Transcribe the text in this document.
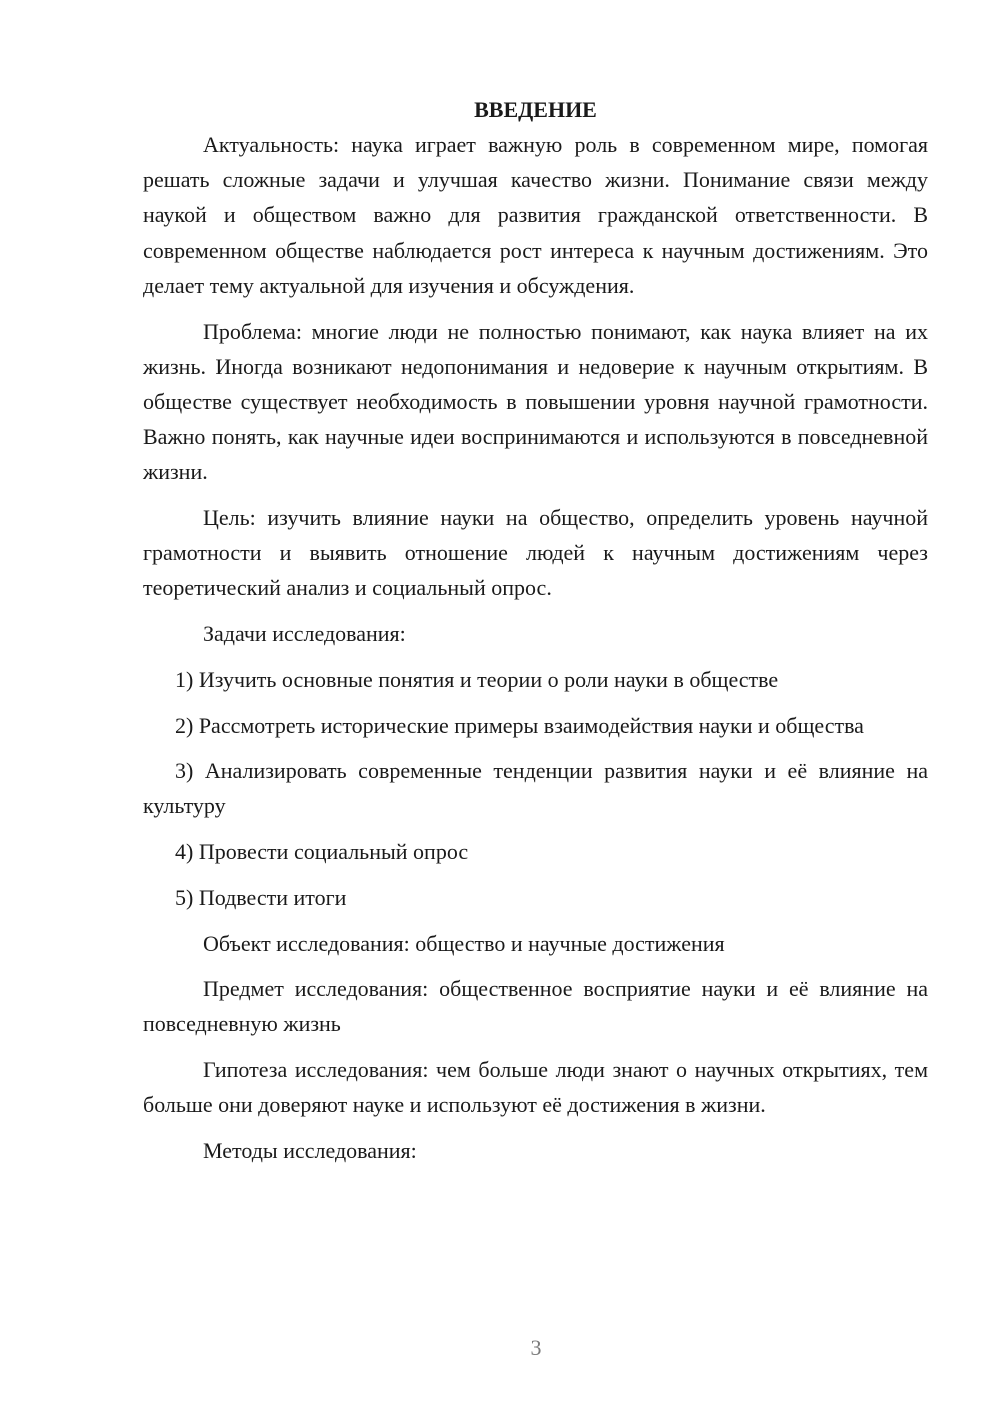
ВВЕДЕНИЕ

Актуальность: наука играет важную роль в современном мире, помогая решать сложные задачи и улучшая качество жизни. Понимание связи между наукой и обществом важно для развития гражданской ответственности. В современном обществе наблюдается рост интереса к научным достижениям. Это делает тему актуальной для изучения и обсуждения.

Проблема: многие люди не полностью понимают, как наука влияет на их жизнь. Иногда возникают недопонимания и недоверие к научным открытиям. В обществе существует необходимость в повышении уровня научной грамотности. Важно понять, как научные идеи воспринимаются и используются в повседневной жизни.

Цель: изучить влияние науки на общество, определить уровень научной грамотности и выявить отношение людей к научным достижениям через теоретический анализ и социальный опрос.

Задачи исследования:

1) Изучить основные понятия и теории о роли науки в обществе

2) Рассмотреть исторические примеры взаимодействия науки и общества

3) Анализировать современные тенденции развития науки и её влияние на культуру

4) Провести социальный опрос

5) Подвести итоги

Объект исследования: общество и научные достижения

Предмет исследования: общественное восприятие науки и её влияние на повседневную жизнь

Гипотеза исследования: чем больше люди знают о научных открытиях, тем больше они доверяют науке и используют её достижения в жизни.

Методы исследования:

3
